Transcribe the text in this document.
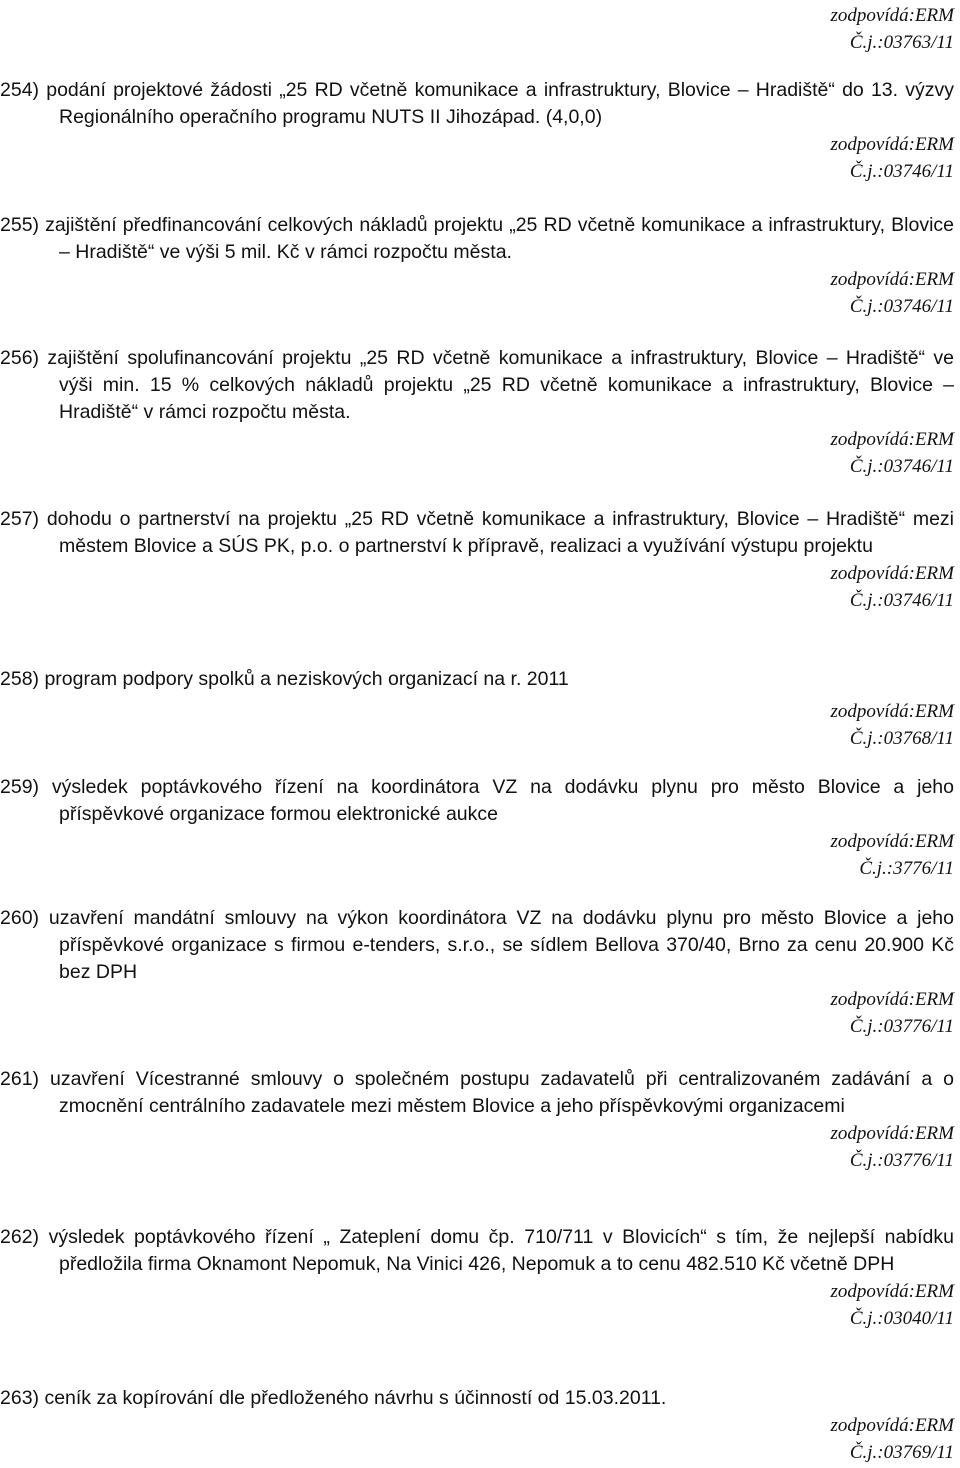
zodpovídá:ERM
Č.j.:03763/11
254) podání projektové žádosti „25 RD včetně komunikace a infrastruktury, Blovice – Hradiště“ do 13. výzvy Regionálního operačního programu NUTS II Jihozápad. (4,0,0)
zodpovídá:ERM
Č.j.:03746/11
255) zajištění předfinancování celkových nákladů projektu „25 RD včetně komunikace a infrastruktury, Blovice – Hradiště“ ve výši 5 mil. Kč v rámci rozpočtu města.
zodpovídá:ERM
Č.j.:03746/11
256) zajištění spolufinancování projektu „25 RD včetně komunikace a infrastruktury, Blovice – Hradiště“ ve výši min. 15 % celkových nákladů projektu „25 RD včetně komunikace a infrastruktury, Blovice – Hradiště“ v rámci rozpočtu města.
zodpovídá:ERM
Č.j.:03746/11
257) dohodu o partnerství na projektu „25 RD včetně komunikace a infrastruktury, Blovice – Hradiště“ mezi městem Blovice a SÚS PK, p.o. o partnerství k přípravě, realizaci a využívání výstupu projektu
zodpovídá:ERM
Č.j.:03746/11
258) program podpory spolků a neziskových organizací na r. 2011
zodpovídá:ERM
Č.j.:03768/11
259) výsledek poptávkového řízení na koordinátora VZ na dodávku plynu pro město Blovice a jeho příspěvkové organizace formou elektronické aukce
zodpovídá:ERM
Č.j.:3776/11
260) uzavření mandátní smlouvy na výkon koordinátora VZ na dodávku plynu pro město Blovice a jeho příspěvkové organizace s firmou e-tenders, s.r.o., se sídlem Bellova 370/40, Brno za cenu 20.900 Kč bez DPH
zodpovídá:ERM
Č.j.:03776/11
261) uzavření Vícestranné smlouvy o společném postupu zadavatelů při centralizovaném zadávání a o zmocnění centrálního zadavatele mezi městem Blovice a jeho příspěvkovými organizacemi
zodpovídá:ERM
Č.j.:03776/11
262) výsledek poptávkového řízení „ Zateplení domu čp. 710/711 v Blovicích“ s tím, že nejlepší nabídku předložila firma Oknamont Nepomuk, Na Vinici 426, Nepomuk a to cenu 482.510 Kč včetně DPH
zodpovídá:ERM
Č.j.:03040/11
263) ceník za kopírování dle předloženého návrhu s účinností od 15.03.2011.
zodpovídá:ERM
Č.j.:03769/11
